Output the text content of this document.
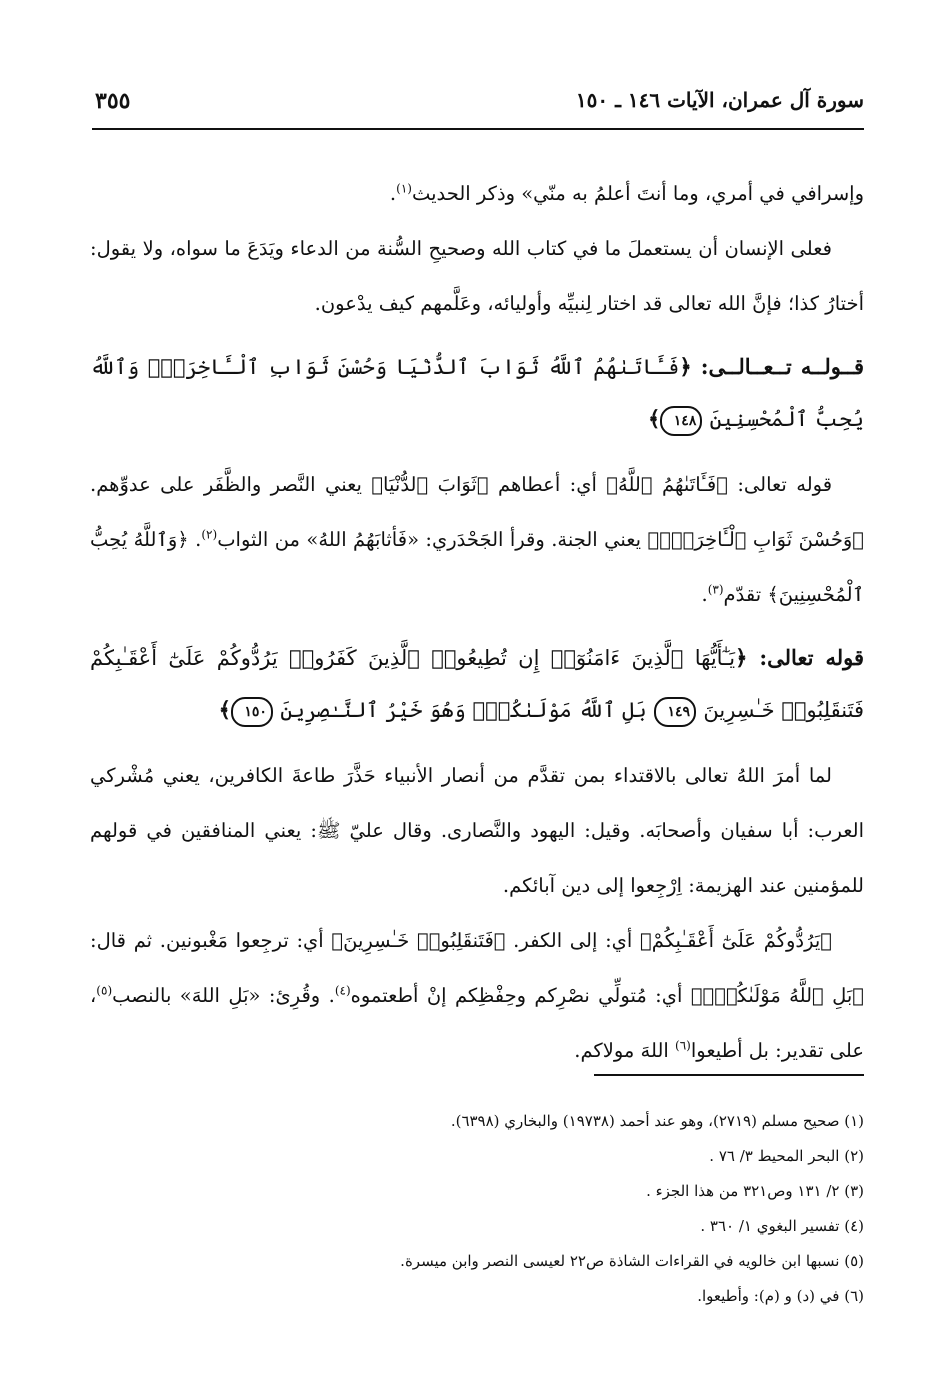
سورة آل عمران، الآيات ١٤٦ ـ ١٥٠
٣٥٥

وإسرافي في أمري، وما أنتَ أعلمُ به منّي» وذكر الحديث$^{(١)}$.

فعلى الإنسان أن يستعملَ ما في كتاب الله وصحيحِ السُّنة من الدعاء ويَدَعَ ما سواه، ولا يقول: أختارُ كذا؛ فإنَّ الله تعالى قد اختار لِنبيِّه وأوليائه، وعَلَّمهم كيف يدْعون.

قــولــه تــعــالــى: ﴿فَـَٔاتَىٰهُمُ ٱللَّهُ ثَوَابَ ٱلدُّنْيَا وَحُسْنَ ثَوَابِ ٱلْـَٔاخِرَةِۗ وَٱللَّهُ يُحِبُّ ٱلْمُحْسِنِينَ ١٤٨﴾

قوله تعالى: ﴿فَـَٔاتَىٰهُمُ ٱللَّهُ﴾ أي: أعطاهم ﴿ثَوَابَ ٱلدُّنْيَا﴾ يعني النَّصر والظَّفَر على عدوِّهم. ﴿وَحُسْنَ ثَوَابِ ٱلْـَٔاخِرَةِۗ﴾ يعني الجنة. وقرأ الجَحْدَري: «فَأثابَهُمُ اللهُ» من الثواب$^{(٢)}$. ﴿وَٱللَّهُ يُحِبُّ ٱلْمُحْسِنِينَ﴾ تقدّم$^{(٣)}$.

قوله تعالى: ﴿يَـٰٓأَيُّهَا ٱلَّذِينَ ءَامَنُوٓا۟ إِن تُطِيعُوا۟ ٱلَّذِينَ كَفَرُوا۟ يَرُدُّوكُمْ عَلَىٰٓ أَعْقَـٰبِكُمْ فَتَنقَلِبُوا۟ خَـٰسِرِينَ ١٤٩ بَلِ ٱللَّهُ مَوْلَىٰكُمْۖ وَهُوَ خَيْرُ ٱلنَّـٰصِرِينَ ١٥٠﴾

لما أمرَ اللهُ تعالى بالاقتداء بمن تقدَّم من أنصار الأنبياء حَذَّرَ طاعةَ الكافرين، يعني مُشْركي العرب: أبا سفيان وأصحابَه. وقيل: اليهود والنَّصارى. وقال عليّ ﷺ: يعني المنافقين في قولهم للمؤمنين عند الهزيمة: اِرْجِعوا إلى دين آبائكم.

﴿يَرُدُّوكُمْ عَلَىٰٓ أَعْقَـٰبِكُمْ﴾ أي: إلى الكفر. ﴿فَتَنقَلِبُوا۟ خَـٰسِرِينَ﴾ أي: ترجِعوا مَغْبونين. ثم قال: ﴿بَلِ ٱللَّهُ مَوْلَىٰكُمْۖ﴾ أي: مُتولِّي نصْرِكم وحِفْظِكم إنْ أطعتموه$^{(٤)}$. وقُرِئ: «بَلِ اللهَ» بالنصب$^{(٥)}$، على تقدير: بل أطيعوا$^{(٦)}$ اللهَ مولاكم.

(١) صحيح مسلم (٢٧١٩)، وهو عند أحمد (١٩٧٣٨) والبخاري (٦٣٩٨).

(٢) البحر المحيط ٣/ ٧٦ .

(٣) ٢/ ١٣١ وص٣٢١ من هذا الجزء .

(٤) تفسير البغوي ١/ ٣٦٠ .

(٥) نسبها ابن خالويه في القراءات الشاذة ص٢٢ لعيسى النصر وابن ميسرة.

(٦) في (د) و (م): وأطيعوا.
